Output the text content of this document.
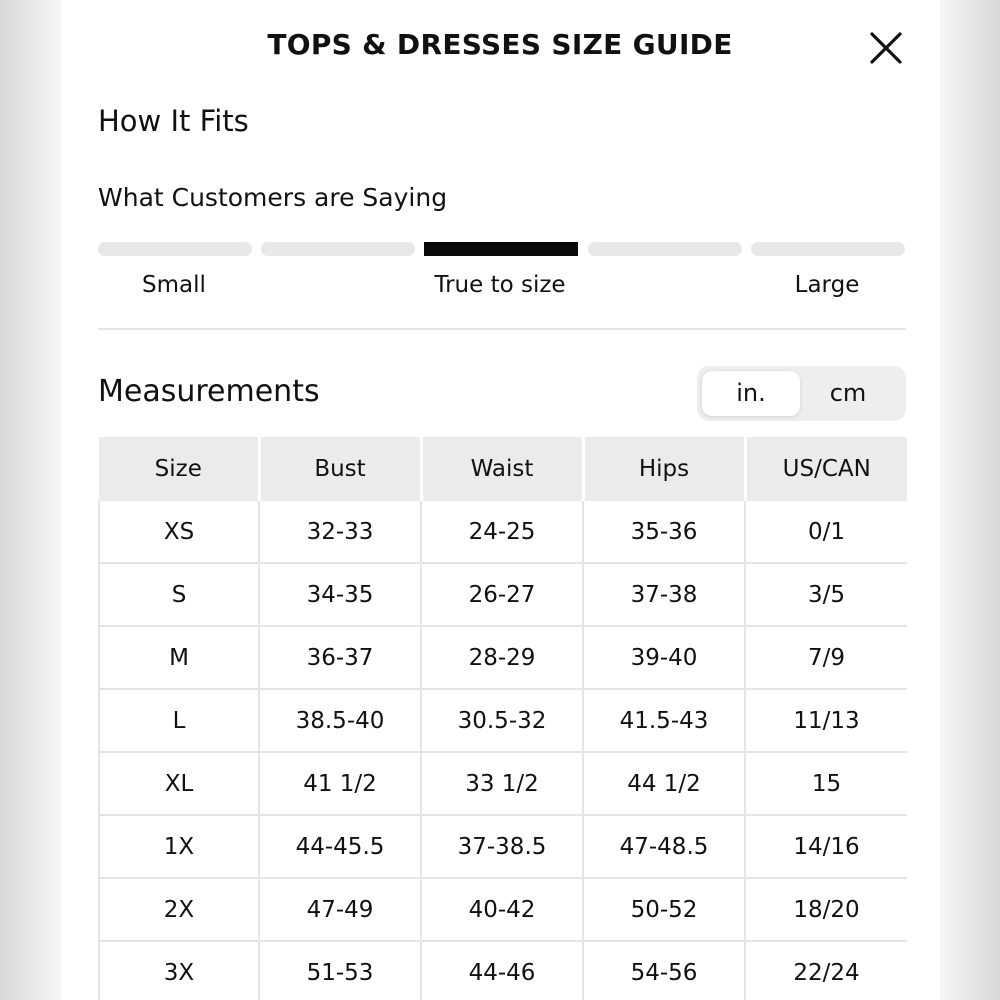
TOPS & DRESSES SIZE GUIDE
How It Fits
What Customers are Saying
Small	True to size	Large
Measurements	in.	cm
Size	Bust	Waist	Hips	US/CAN
XS	32-33	24-25	35-36	0/1
S	34-35	26-27	37-38	3/5
M	36-37	28-29	39-40	7/9
L	38.5-40	30.5-32	41.5-43	11/13
XL	41 1/2	33 1/2	44 1/2	15
1X	44-45.5	37-38.5	47-48.5	14/16
2X	47-49	40-42	50-52	18/20
3X	51-53	44-46	54-56	22/24
